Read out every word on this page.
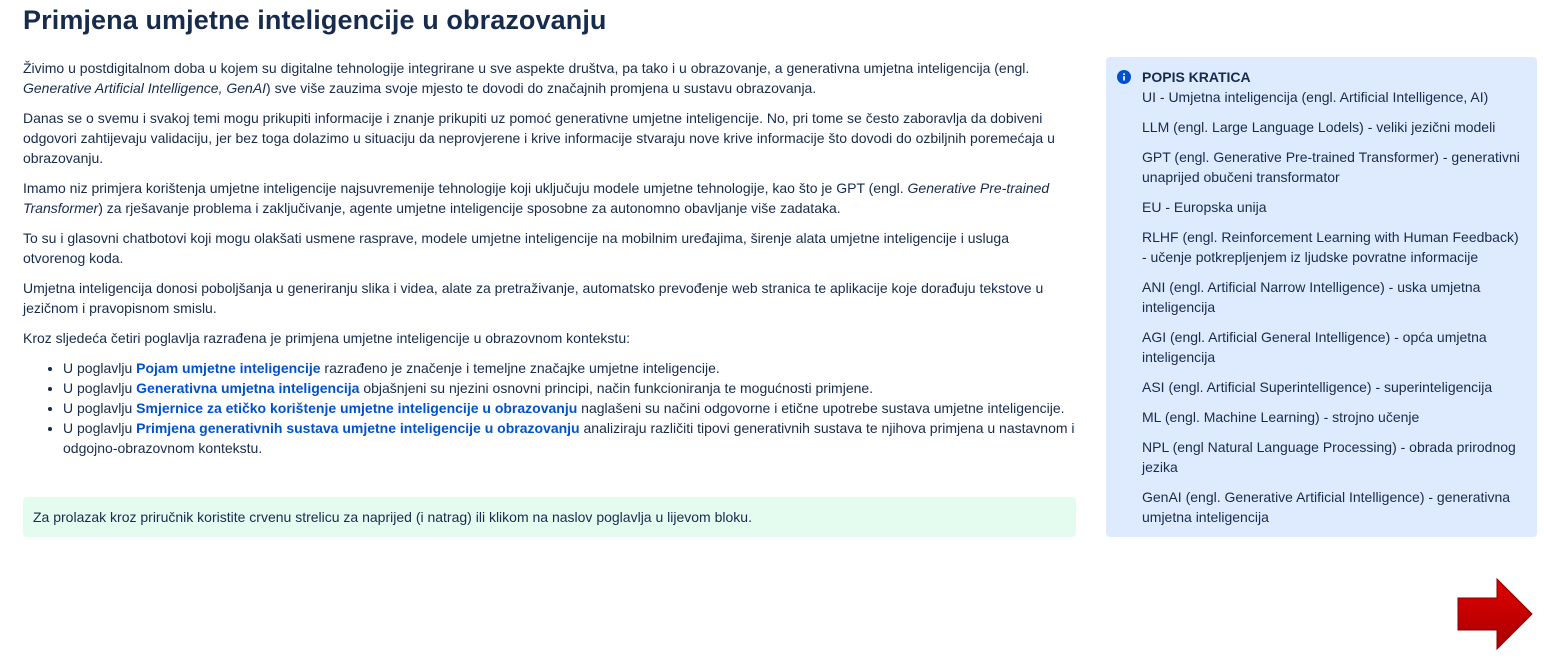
Primjena umjetne inteligencije u obrazovanju

Živimo u postdigitalnom doba u kojem su digitalne tehnologije integrirane u sve aspekte društva, pa tako i u obrazovanje, a generativna umjetna inteligencija (engl. Generative Artificial Intelligence, GenAI) sve više zauzima svoje mjesto te dovodi do značajnih promjena u sustavu obrazovanja.

Danas se o svemu i svakoj temi mogu prikupiti informacije i znanje prikupiti uz pomoć generativne umjetne inteligencije. No, pri tome se često zaboravlja da dobiveni odgovori zahtijevaju validaciju, jer bez toga dolazimo u situaciju da neprovjerene i krive informacije stvaraju nove krive informacije što dovodi do ozbiljnih poremećaja u obrazovanju.

Imamo niz primjera korištenja umjetne inteligencije najsuvremenije tehnologije koji uključuju modele umjetne tehnologije, kao što je GPT (engl. Generative Pre-trained Transformer) za rješavanje problema i zaključivanje, agente umjetne inteligencije sposobne za autonomno obavljanje više zadataka.

To su i glasovni chatbotovi koji mogu olakšati usmene rasprave, modele umjetne inteligencije na mobilnim uređajima, širenje alata umjetne inteligencije i usluga otvorenog koda.

Umjetna inteligencija donosi poboljšanja u generiranju slika i videa, alate za pretraživanje, automatsko prevođenje web stranica te aplikacije koje dorađuju tekstove u jezičnom i pravopisnom smislu.

Kroz sljedeća četiri poglavlja razrađena je primjena umjetne inteligencije u obrazovnom kontekstu:

• U poglavlju Pojam umjetne inteligencije razrađeno je značenje i temeljne značajke umjetne inteligencije.
• U poglavlju Generativna umjetna inteligencija objašnjeni su njezini osnovni principi, način funkcioniranja te mogućnosti primjene.
• U poglavlju Smjernice za etičko korištenje umjetne inteligencije u obrazovanju naglašeni su načini odgovorne i etične upotrebe sustava umjetne inteligencije.
• U poglavlju Primjena generativnih sustava umjetne inteligencije u obrazovanju analiziraju različiti tipovi generativnih sustava te njihova primjena u nastavnom i odgojno-obrazovnom kontekstu.
Za prolazak kroz priručnik koristite crvenu strelicu za naprijed (i natrag) ili klikom na naslov poglavlja u lijevom bloku.
POPIS KRATICA

UI - Umjetna inteligencija (engl. Artificial Intelligence, AI)

LLM (engl. Large Language Lodels) - veliki jezični modeli

GPT (engl. Generative Pre-trained Transformer) - generativni unaprijed obučeni transformator

EU - Europska unija

RLHF (engl. Reinforcement Learning with Human Feedback) - učenje potkrepljenjem iz ljudske povratne informacije

ANI (engl. Artificial Narrow Intelligence) - uska umjetna inteligencija

AGI (engl. Artificial General Intelligence) - opća umjetna inteligencija

ASI (engl. Artificial Superintelligence) - superinteligencija

ML (engl. Machine Learning) - strojno učenje

NPL (engl Natural Language Processing) - obrada prirodnog jezika

GenAI (engl. Generative Artificial Intelligence) - generativna umjetna inteligencija
